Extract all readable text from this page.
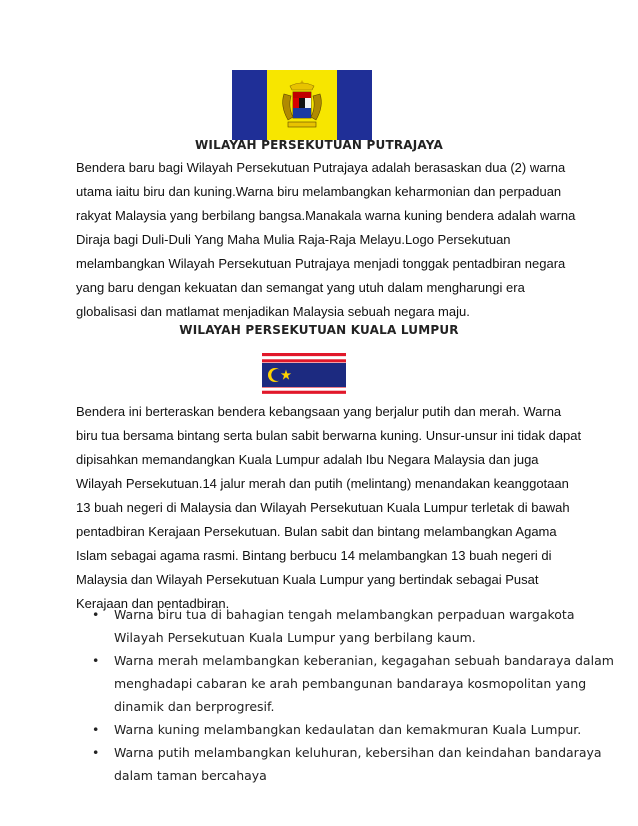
WILAYAH PERSEKUTUAN PUTRAJAYA
Bendera baru bagi Wilayah Persekutuan Putrajaya adalah berasaskan dua (2) warna
utama iaitu biru dan kuning.Warna biru melambangkan keharmonian dan perpaduan
rakyat Malaysia yang berbilang bangsa.Manakala warna kuning bendera adalah warna
Diraja bagi Duli-Duli Yang Maha Mulia Raja-Raja Melayu.Logo Persekutuan
melambangkan Wilayah Persekutuan Putrajaya menjadi tonggak pentadbiran negara
yang baru dengan kekuatan dan semangat yang utuh dalam mengharungi era
globalisasi dan matlamat menjadikan Malaysia sebuah negara maju.
WILAYAH PERSEKUTUAN KUALA LUMPUR
Bendera ini berteraskan bendera kebangsaan yang berjalur putih dan merah. Warna
biru tua bersama bintang serta bulan sabit berwarna kuning. Unsur-unsur ini tidak dapat
dipisahkan memandangkan Kuala Lumpur adalah Ibu Negara Malaysia dan juga
Wilayah Persekutuan.14 jalur merah dan putih (melintang) menandakan keanggotaan
13 buah negeri di Malaysia dan Wilayah Persekutuan Kuala Lumpur terletak di bawah
pentadbiran Kerajaan Persekutuan. Bulan sabit dan bintang melambangkan Agama
Islam sebagai agama rasmi. Bintang berbucu 14 melambangkan 13 buah negeri di
Malaysia dan Wilayah Persekutuan Kuala Lumpur yang bertindak sebagai Pusat
Kerajaan dan pentadbiran.
• Warna biru tua di bahagian tengah melambangkan perpaduan wargakota
Wilayah Persekutuan Kuala Lumpur yang berbilang kaum.
• Warna merah melambangkan keberanian, kegagahan sebuah bandaraya dalam
menghadapi cabaran ke arah pembangunan bandaraya kosmopolitan yang
dinamik dan berprogresif.
• Warna kuning melambangkan kedaulatan dan kemakmuran Kuala Lumpur.
• Warna putih melambangkan keluhuran, kebersihan dan keindahan bandaraya
dalam taman bercahaya
